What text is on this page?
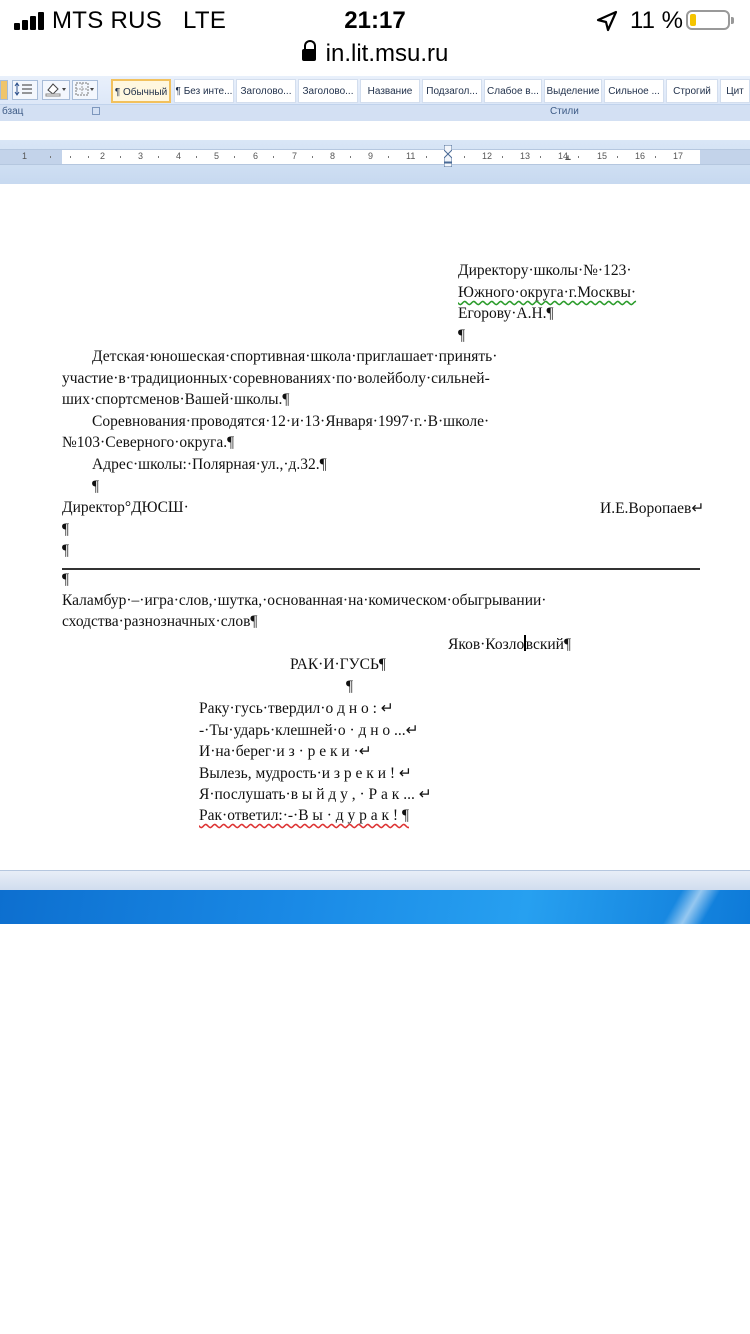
MTS RUS LTE	21:17	11 %
in.lit.msu.ru
¶ Обычный ¶ Без инте... Заголово...	Заголово...	Название	Подзагол... Слабое в... Выделение Сильное ...	Строгий	Цит
бзац	Стили
1	2	3	4	5	6	7	8	9	11	12	13	14	15	16	17
Директору·школы·№·123·
Южного·округа·г.Москвы·
Егорову·А.Н.¶
¶
Детская·юношеская·спортивная·школа·приглашает·принять·
участие·в·традиционных·соревнованиях·по·волейболу·сильней-
ших·спортсменов·Вашей·школы.¶
Соревнования·проводятся·12·и·13·Января·1997·г.·В·школе·
№103·Северного·округа.¶
Адрес·школы:·Полярная·ул.,·д.32.¶
¶
Директор°ДЮСШ·	И.Е.Воропаев↵
¶
¶
¶
Каламбур·–·игра·слов,·шутка,·основанная·на·комическом·обыгрывании·
сходства·разнозначных·слов¶
Яков·Козловский¶
РАК·И·ГУСЬ¶
¶
Раку·гусь·твердил·о д н о : ↵
-·Ты·ударь·клешней·о · д н о ...↵
И·на·берег·и з · р е к и ·↵
Вылезь, мудрость·и з р е к и ! ↵
Я·послушать·в ы й д у , · Р а к ... ↵
Рак·ответил:·-·В ы · д у р а к ! ¶
